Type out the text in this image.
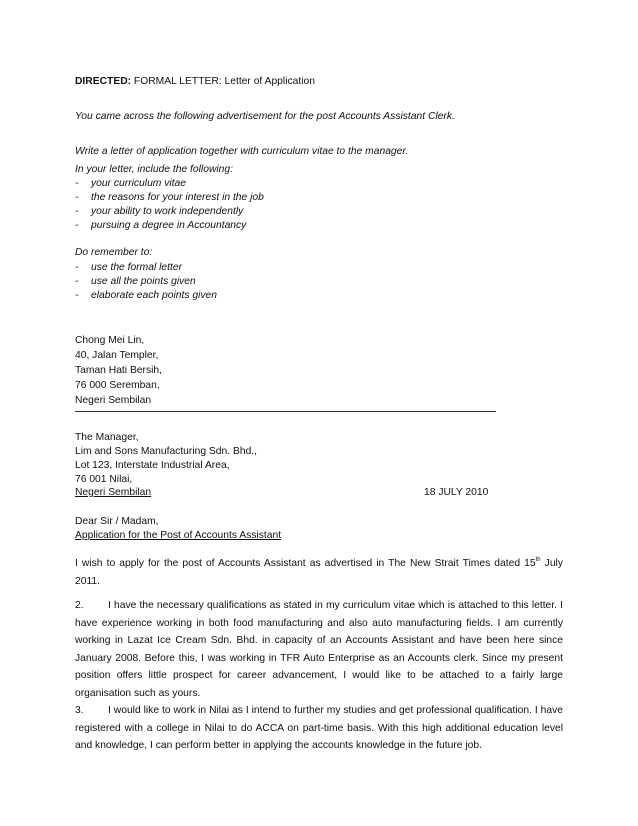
DIRECTED: FORMAL LETTER: Letter of Application
You came across the following advertisement for the post Accounts Assistant Clerk.
Write a letter of application together with curriculum vitae to the manager.
In your letter, include the following:
- your curriculum vitae
- the reasons for your interest in the job
- your ability to work independently
- pursuing a degree in Accountancy
Do remember to:
- use the formal letter
- use all the points given
- elaborate each points given
Chong Mei Lin,
40, Jalan Templer,
Taman Hati Bersih,
76 000 Seremban,
Negeri Sembilan
The Manager,
Lim and Sons Manufacturing Sdn. Bhd.,
Lot 123, Interstate Industrial Area,
76 001 Nilai,
Negeri Sembilan	18 JULY 2010
Dear Sir / Madam,
Application for the Post of Accounts Assistant
I wish to apply for the post of Accounts Assistant as advertised in The New Strait Times dated 15th July 2011.
2. I have the necessary qualifications as stated in my curriculum vitae which is attached to this letter. I have experience working in both food manufacturing and also auto manufacturing fields. I am currently working in Lazat Ice Cream Sdn. Bhd. in capacity of an Accounts Assistant and have been here since January 2008. Before this, I was working in TFR Auto Enterprise as an Accounts clerk. Since my present position offers little prospect for career advancement, I would like to be attached to a fairly large organisation such as yours.
3. I would like to work in Nilai as I intend to further my studies and get professional qualification. I have registered with a college in Nilai to do ACCA on part-time basis. With this high additional education level and knowledge, I can perform better in applying the accounts knowledge in the future job.
